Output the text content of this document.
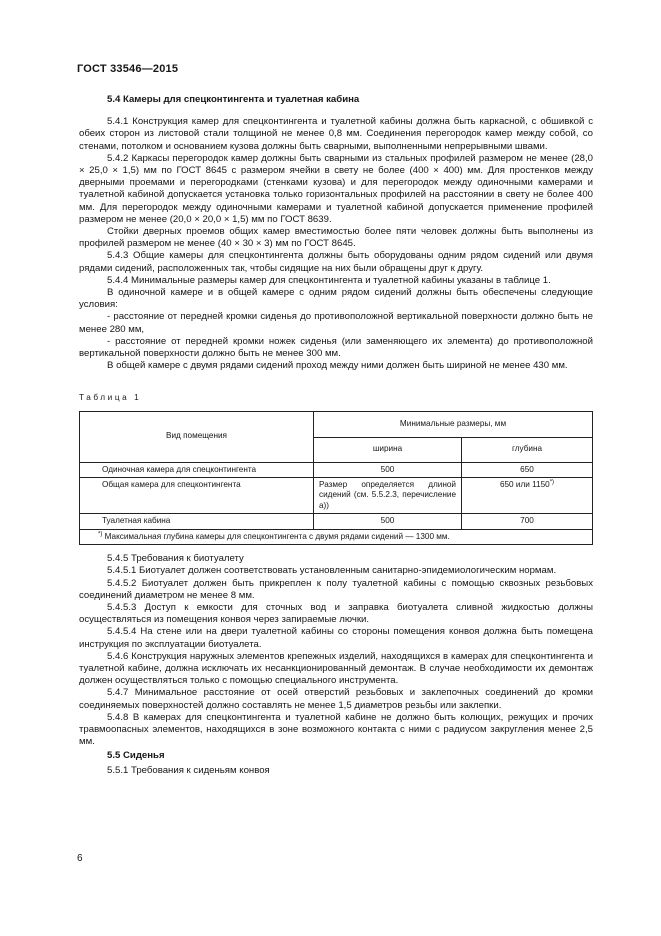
ГОСТ 33546—2015
5.4 Камеры для спецконтингента и туалетная кабина

5.4.1 Конструкция камер для спецконтингента и туалетной кабины должна быть каркасной, с обшивкой с обеих сторон из листовой стали толщиной не менее 0,8 мм. Соединения перегородок камер между собой, со стенами, потолком и основанием кузова должны быть сварными, выполненными непрерывными швами.

5.4.2 Каркасы перегородок камер должны быть сварными из стальных профилей размером не менее (28,0 × 25,0 × 1,5) мм по ГОСТ 8645 с размером ячейки в свету не более (400 × 400) мм. Для простенков между дверными проемами и перегородками (стенками кузова) и для перегородок между одиночными камерами и туалетной кабиной допускается установка только горизонтальных профилей на расстоянии в свету не более 400 мм. Для перегородок между одиночными камерами и туалетной кабиной допускается применение профилей размером не менее (20,0 × 20,0 × 1,5) мм по ГОСТ 8639.

Стойки дверных проемов общих камер вместимостью более пяти человек должны быть выполнены из профилей размером не менее (40 × 30 × 3) мм по ГОСТ 8645.

5.4.3 Общие камеры для спецконтингента должны быть оборудованы одним рядом сидений или двумя рядами сидений, расположенных так, чтобы сидящие на них были обращены друг к другу.

5.4.4 Минимальные размеры камер для спецконтингента и туалетной кабины указаны в таблице 1.

В одиночной камере и в общей камере с одним рядом сидений должны быть обеспечены следующие условия:

- расстояние от передней кромки сиденья до противоположной вертикальной поверхности должно быть не менее 280 мм,

- расстояние от передней кромки ножек сиденья (или заменяющего их элемента) до противоположной вертикальной поверхности должно быть не менее 300 мм.

В общей камере с двумя рядами сидений проход между ними должен быть шириной не менее 430 мм.

Таблица 1
Вид помещения	Минимальные размеры, мм	
	ширина	глубина
Одиночная камера для спецконтингента	500	650
Общая камера для спецконтингента	Размер определяется длиной сидений (см. 5.5.2.3, перечисление а))	650 или 1150*)
Туалетная кабина	500	700
*) Максимальная глубина камеры для спецконтингента с двумя рядами сидений — 1300 мм.		

5.4.5 Требования к биотуалету

5.4.5.1 Биотуалет должен соответствовать установленным санитарно-эпидемиологическим нормам.

5.4.5.2 Биотуалет должен быть прикреплен к полу туалетной кабины с помощью сквозных резьбовых соединений диаметром не менее 8 мм.

5.4.5.3 Доступ к емкости для сточных вод и заправка биотуалета сливной жидкостью должны осуществляться из помещения конвоя через запираемые лючки.

5.4.5.4 На стене или на двери туалетной кабины со стороны помещения конвоя должна быть помещена инструкция по эксплуатации биотуалета.

5.4.6 Конструкция наружных элементов крепежных изделий, находящихся в камерах для спецконтингента и туалетной кабине, должна исключать их несанкционированный демонтаж. В случае необходимости их демонтаж должен осуществляться только с помощью специального инструмента.

5.4.7 Минимальное расстояние от осей отверстий резьбовых и заклепочных соединений до кромки соединяемых поверхностей должно составлять не менее 1,5 диаметров резьбы или заклепки.

5.4.8 В камерах для спецконтингента и туалетной кабине не должно быть колющих, режущих и прочих травмоопасных элементов, находящихся в зоне возможного контакта с ними с радиусом закругления менее 2,5 мм.

5.5 Сиденья

5.5.1 Требования к сиденьям конвоя

6
